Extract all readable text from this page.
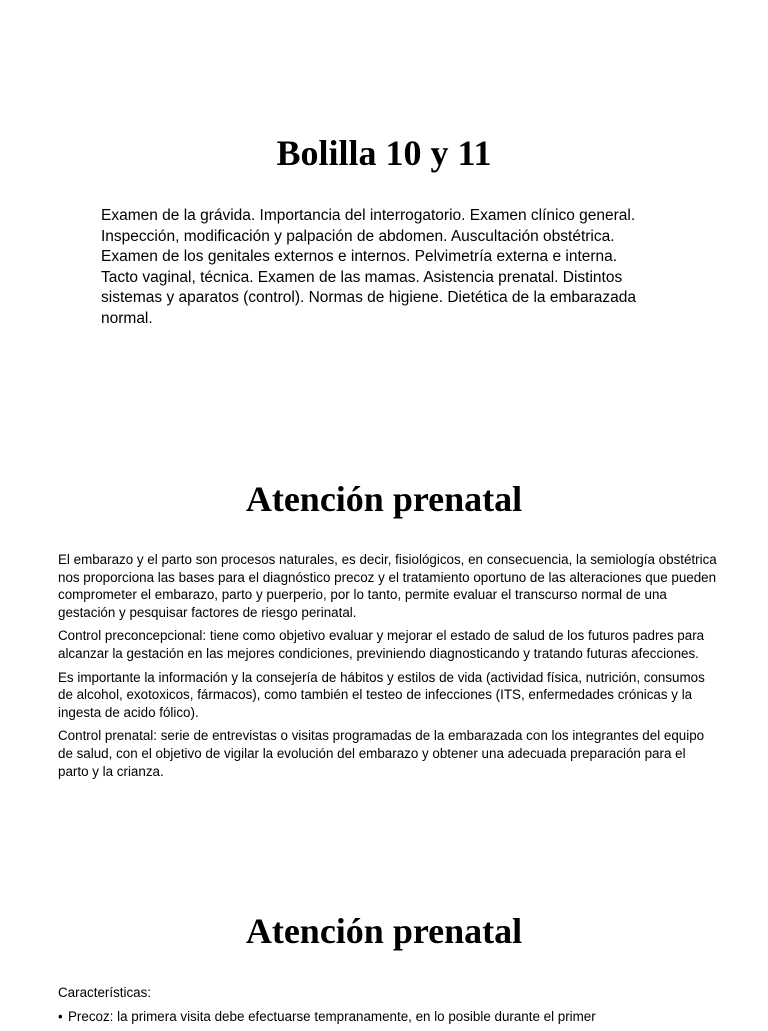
Bolilla 10 y 11

Examen de la grávida. Importancia del interrogatorio. Examen clínico general. Inspección, modificación y palpación de abdomen. Auscultación obstétrica. Examen de los genitales externos e internos. Pelvimetría externa e interna. Tacto vaginal, técnica. Examen de las mamas. Asistencia prenatal. Distintos sistemas y aparatos (control). Normas de higiene. Dietética de la embarazada normal.

Atención prenatal

El embarazo y el parto son procesos naturales, es decir, fisiológicos, en consecuencia, la semiología obstétrica nos proporciona las bases para el diagnóstico precoz y el tratamiento oportuno de las alteraciones que pueden comprometer el embarazo, parto y puerperio, por lo tanto, permite evaluar el transcurso normal de una gestación y pesquisar factores de riesgo perinatal.

Control preconcepcional: tiene como objetivo evaluar y mejorar el estado de salud de los futuros padres para alcanzar la gestación en las mejores condiciones, previniendo diagnosticando y tratando futuras afecciones.

Es importante la información y la consejería de hábitos y estilos de vida (actividad física, nutrición, consumos de alcohol, exotoxicos, fármacos), como también el testeo de infecciones (ITS, enfermedades crónicas y la ingesta de acido fólico).

Control prenatal: serie de entrevistas o visitas programadas de la embarazada con los integrantes del equipo de salud, con el objetivo de vigilar la evolución del embarazo y obtener una adecuada preparación para el parto y la crianza.

Atención prenatal

Características:

• Precoz: la primera visita debe efectuarse tempranamente, en lo posible durante el primer
